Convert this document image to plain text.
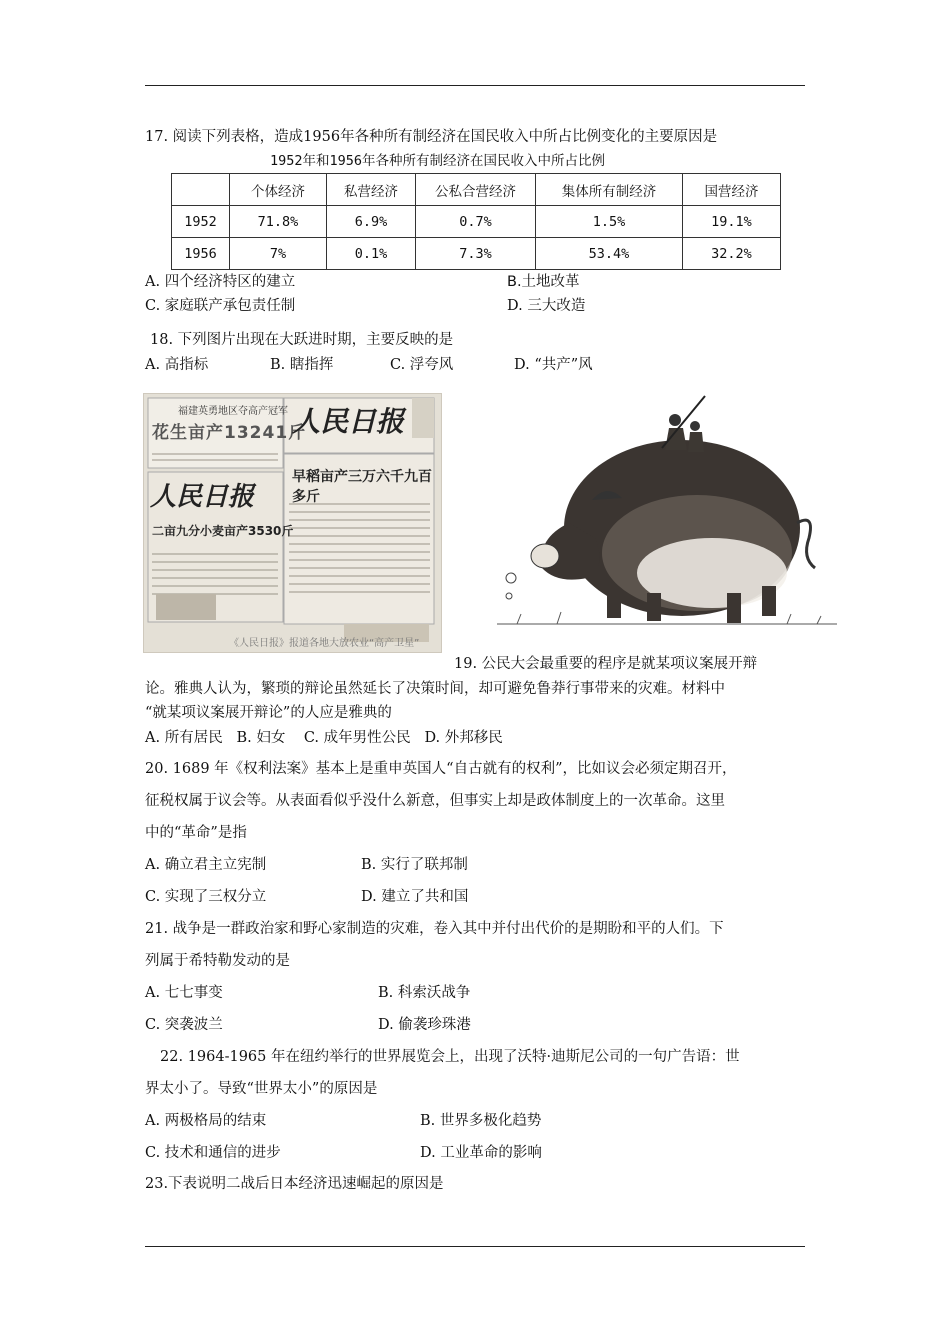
17. 阅读下列表格，造成1956年各种所有制经济在国民收入中所占比例变化的主要原因是
1952年和1956年各种所有制经济在国民收入中所占比例
	个体经济	私营经济	公私合营经济	集体所有制经济	国营经济
1952	71.8%	6.9%	0.7%	1.5%	19.1%
1956	7%	0.1%	7.3%	53.4%	32.2%
A. 四个经济特区的建立	B.土地改革
C. 家庭联产承包责任制	D. 三大改造
18. 下列图片出现在大跃进时期，主要反映的是
A. 高指标	B. 瞎指挥	C. 浮夸风	D. “共产”风
福建英勇地区夺高产冠军
花生亩产13241斤
人民日报
人民日报
早稻亩产三万六千九百多斤
二亩九分小麦亩产3530斤
《人民日报》报道各地大放农业“高产卫星”
19. 公民大会最重要的程序是就某项议案展开辩
论。雅典人认为，繁琐的辩论虽然延长了决策时间，却可避免鲁莽行事带来的灾难。材料中
“就某项议案展开辩论”的人应是雅典的
A. 所有居民   B. 妇女    C. 成年男性公民   D. 外邦移民
20. 1689 年《权利法案》基本上是重申英国人“自古就有的权利”，比如议会必须定期召开，
征税权属于议会等。从表面看似乎没什么新意，但事实上却是政体制度上的一次革命。这里
中的“革命”是指
A. 确立君主立宪制	B. 实行了联邦制
C. 实现了三权分立	D. 建立了共和国
21. 战争是一群政治家和野心家制造的灾难，卷入其中并付出代价的是期盼和平的人们。下
列属于希特勒发动的是
A. 七七事变	B. 科索沃战争
C. 突袭波兰	D. 偷袭珍珠港
22. 1964-1965 年在纽约举行的世界展览会上，出现了沃特·迪斯尼公司的一句广告语：世
界太小了。导致“世界太小”的原因是
A. 两极格局的结束	B. 世界多极化趋势
C. 技术和通信的进步	D. 工业革命的影响
23.下表说明二战后日本经济迅速崛起的原因是
